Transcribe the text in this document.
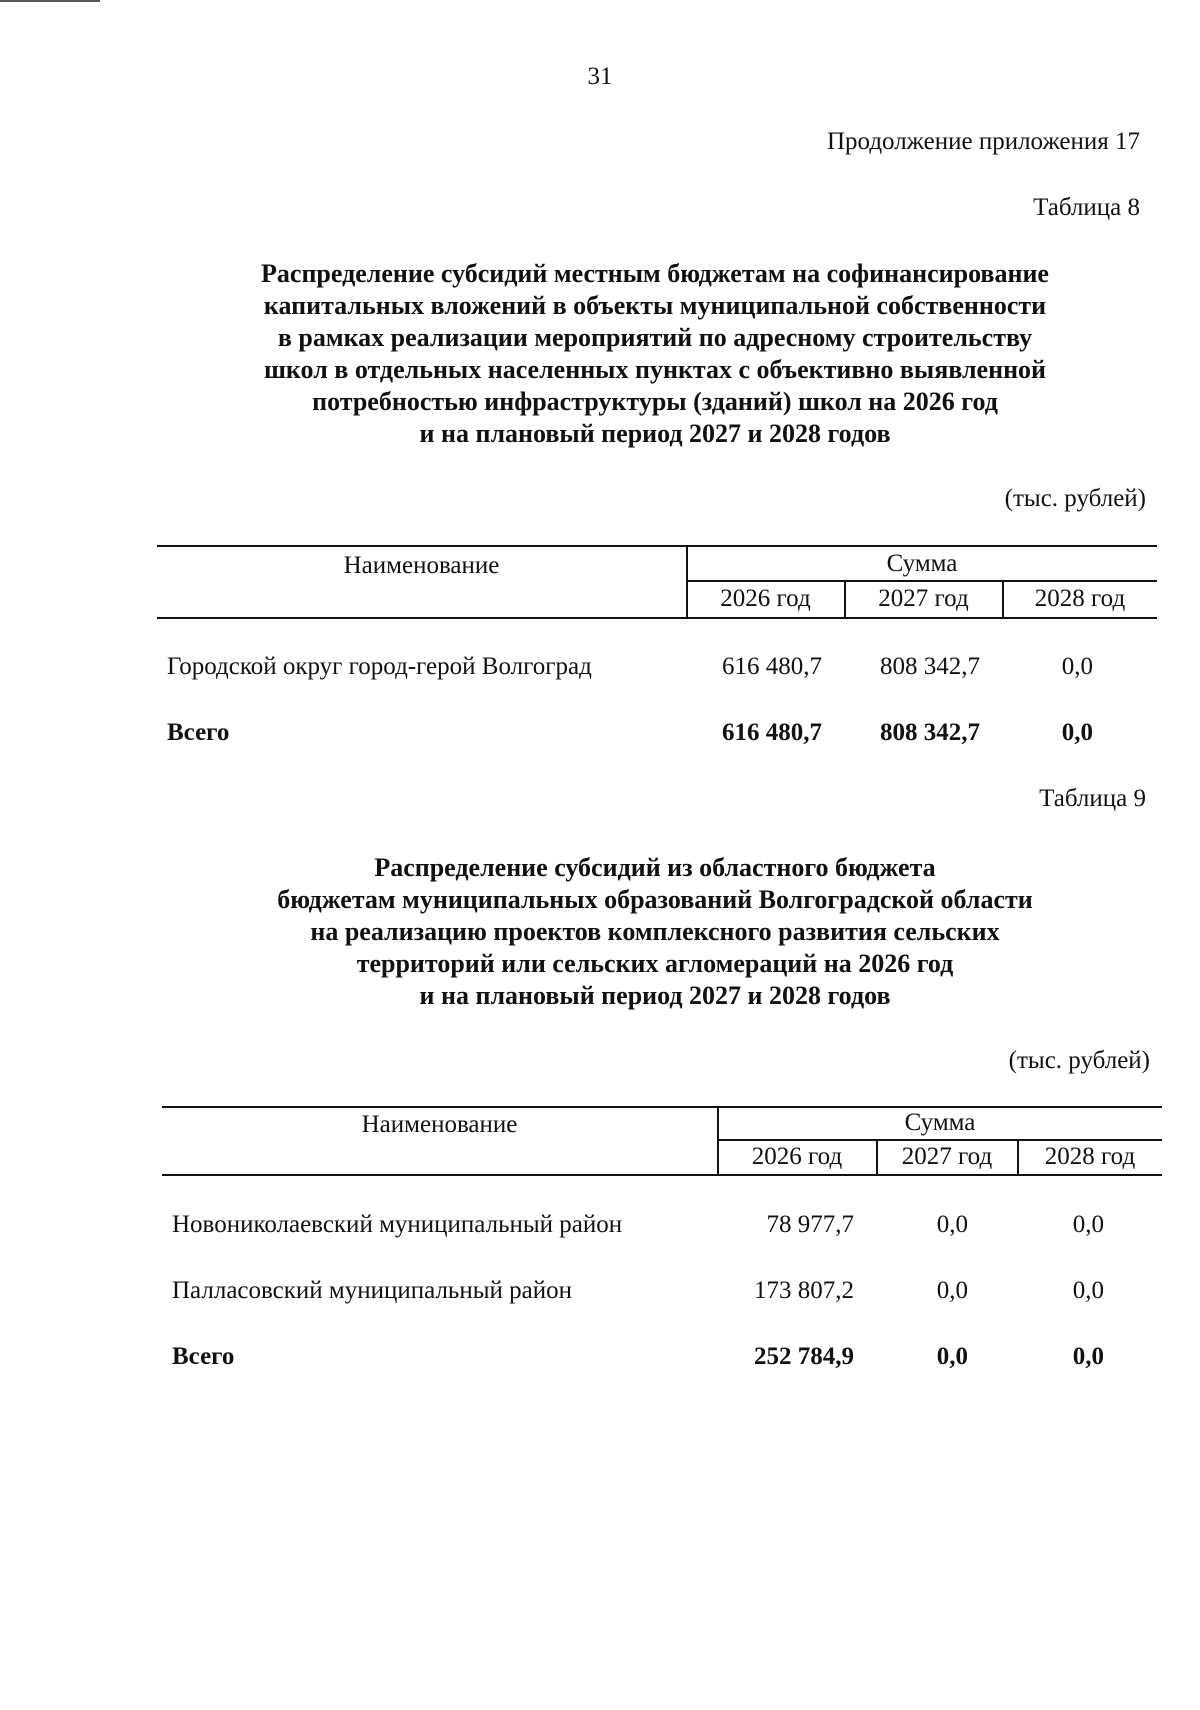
31
Продолжение приложения 17
Таблица 8
Распределение субсидий местным бюджетам на софинансирование
капитальных вложений в объекты муниципальной собственности
в рамках реализации мероприятий по адресному строительству
школ в отдельных населенных пунктах с объективно выявленной
потребностью инфраструктуры (зданий) школ на 2026 год
и на плановый период 2027 и 2028 годов
(тыс. рублей)
Наименование	Сумма
2026 год	2027 год	2028 год
Городской округ город-герой Волгоград	616 480,7	808 342,7	0,0
Всего	616 480,7	808 342,7	0,0
Таблица 9
Распределение субсидий из областного бюджета
бюджетам муниципальных образований Волгоградской области
на реализацию проектов комплексного развития сельских
территорий или сельских агломераций на 2026 год
и на плановый период 2027 и 2028 годов
(тыс. рублей)
Наименование	Сумма
2026 год	2027 год	2028 год
Новониколаевский муниципальный район	78 977,7	0,0	0,0
Палласовский муниципальный район	173 807,2	0,0	0,0
Всего	252 784,9	0,0	0,0
